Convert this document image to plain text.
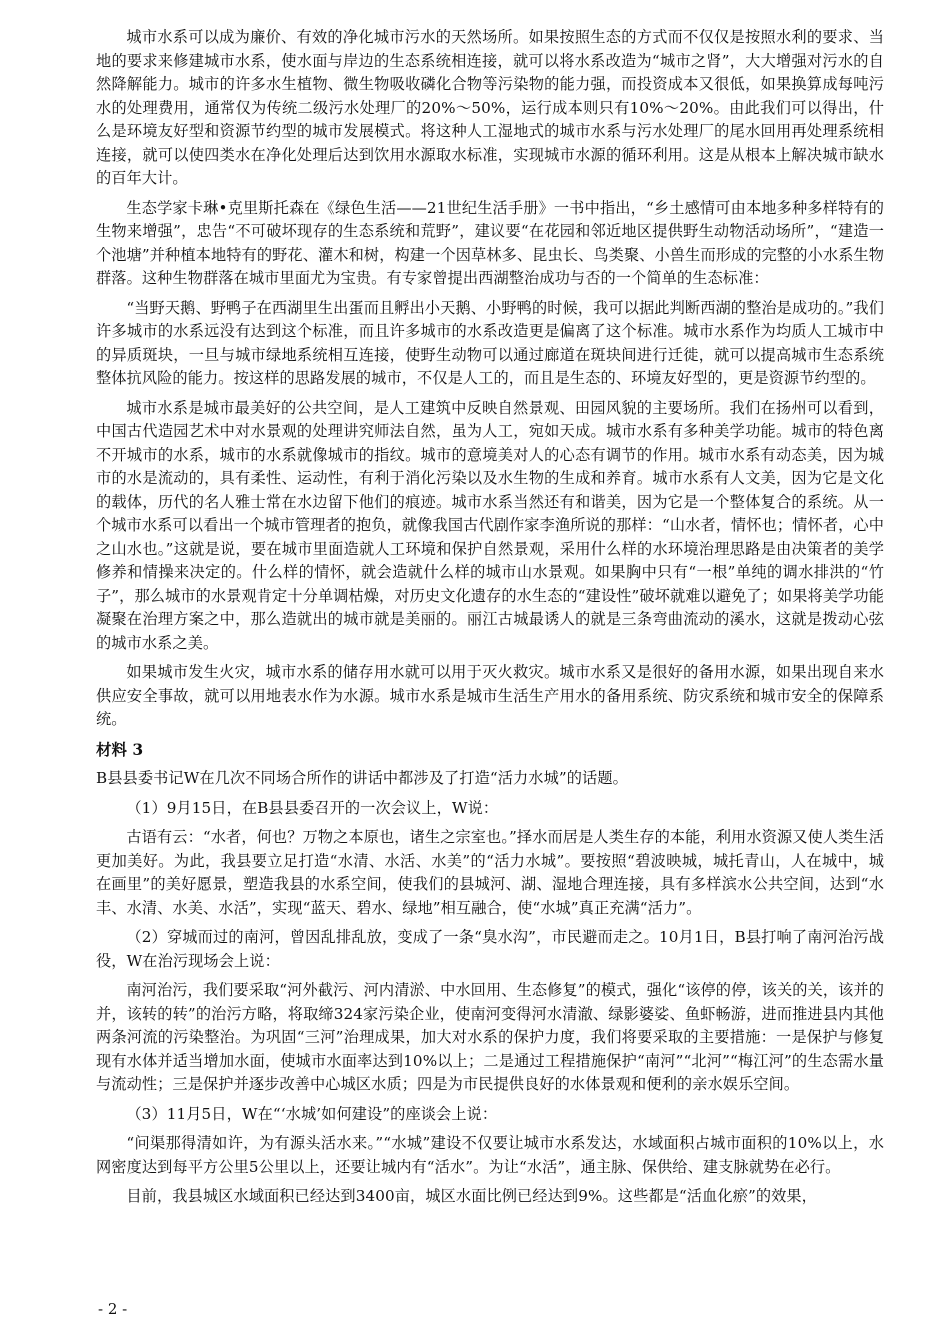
城市水系可以成为廉价、有效的净化城市污水的天然场所。如果按照生态的方式而不仅仅是按照水利的要求、当地的要求来修建城市水系，使水面与岸边的生态系统相连接，就可以将水系改造为“城市之肾”，大大增强对污水的自然降解能力。城市的许多水生植物、微生物吸收磷化合物等污染物的能力强，而投资成本又很低，如果换算成每吨污水的处理费用，通常仅为传统二级污水处理厂的20%～50%，运行成本则只有10%～20%。由此我们可以得出，什么是环境友好型和资源节约型的城市发展模式。将这种人工湿地式的城市水系与污水处理厂的尾水回用再处理系统相连接，就可以使四类水在净化处理后达到饮用水源取水标准，实现城市水源的循环利用。这是从根本上解决城市缺水的百年大计。

生态学家卡琳•克里斯托森在《绿色生活——21世纪生活手册》一书中指出，“乡土感情可由本地多种多样特有的生物来增强”，忠告“不可破坏现存的生态系统和荒野”，建议要“在花园和邻近地区提供野生动物活动场所”，“建造一个池塘”并种植本地特有的野花、灌木和树，构建一个因草林多、昆虫长、鸟类聚、小兽生而形成的完整的小水系生物群落。这种生物群落在城市里面尤为宝贵。有专家曾提出西湖整治成功与否的一个简单的生态标准：

“当野天鹅、野鸭子在西湖里生出蛋而且孵出小天鹅、小野鸭的时候，我可以据此判断西湖的整治是成功的。”我们许多城市的水系远没有达到这个标准，而且许多城市的水系改造更是偏离了这个标准。城市水系作为均质人工城市中的异质斑块，一旦与城市绿地系统相互连接，使野生动物可以通过廊道在斑块间进行迁徙，就可以提高城市生态系统整体抗风险的能力。按这样的思路发展的城市，不仅是人工的，而且是生态的、环境友好型的，更是资源节约型的。

城市水系是城市最美好的公共空间，是人工建筑中反映自然景观、田园风貌的主要场所。我们在扬州可以看到，中国古代造园艺术中对水景观的处理讲究师法自然，虽为人工，宛如天成。城市水系有多种美学功能。城市的特色离不开城市的水系，城市的水系就像城市的指纹。城市的意境美对人的心态有调节的作用。城市水系有动态美，因为城市的水是流动的，具有柔性、运动性，有利于消化污染以及水生物的生成和养育。城市水系有人文美，因为它是文化的载体，历代的名人雅士常在水边留下他们的痕迹。城市水系当然还有和谐美，因为它是一个整体复合的系统。从一个城市水系可以看出一个城市管理者的抱负，就像我国古代剧作家李渔所说的那样：“山水者，情怀也；情怀者，心中之山水也。”这就是说，要在城市里面造就人工环境和保护自然景观，采用什么样的水环境治理思路是由决策者的美学修养和情操来决定的。什么样的情怀，就会造就什么样的城市山水景观。如果胸中只有“一根”单纯的调水排洪的“竹子”，那么城市的水景观肯定十分单调枯燥，对历史文化遗存的水生态的“建设性”破坏就难以避免了；如果将美学功能凝聚在治理方案之中，那么造就出的城市就是美丽的。丽江古城最诱人的就是三条弯曲流动的溪水，这就是拨动心弦的城市水系之美。

如果城市发生火灾，城市水系的储存用水就可以用于灭火救灾。城市水系又是很好的备用水源，如果出现自来水供应安全事故，就可以用地表水作为水源。城市水系是城市生活生产用水的备用系统、防灾系统和城市安全的保障系统。

材料 3

B县县委书记W在几次不同场合所作的讲话中都涉及了打造“活力水城”的话题。

（1）9月15日，在B县县委召开的一次会议上，W说：

古语有云：“水者，何也？万物之本原也，诸生之宗室也。”择水而居是人类生存的本能，利用水资源又使人类生活更加美好。为此，我县要立足打造“水清、水活、水美”的“活力水城”。要按照“碧波映城，城托青山，人在城中，城在画里”的美好愿景，塑造我县的水系空间，使我们的县城河、湖、湿地合理连接，具有多样滨水公共空间，达到“水丰、水清、水美、水活”，实现“蓝天、碧水、绿地”相互融合，使“水城”真正充满“活力”。

（2）穿城而过的南河，曾因乱排乱放，变成了一条“臭水沟”，市民避而走之。10月1日，B县打响了南河治污战役，W在治污现场会上说：

南河治污，我们要采取“河外截污、河内清淤、中水回用、生态修复”的模式，强化“该停的停，该关的关，该并的并，该转的转”的治污方略，将取缔324家污染企业，使南河变得河水清澈、绿影婆娑、鱼虾畅游，进而推进县内其他两条河流的污染整治。为巩固“三河”治理成果，加大对水系的保护力度，我们将要采取的主要措施：一是保护与修复现有水体并适当增加水面，使城市水面率达到10%以上；二是通过工程措施保护“南河”“北河”“梅江河”的生态需水量与流动性；三是保护并逐步改善中心城区水质；四是为市民提供良好的水体景观和便利的亲水娱乐空间。

（3）11月5日，W在“‘水城’如何建设”的座谈会上说：

“问渠那得清如许，为有源头活水来。”“水城”建设不仅要让城市水系发达，水域面积占城市面积的10%以上，水网密度达到每平方公里5公里以上，还要让城内有“活水”。为让“水活”，通主脉、保供给、建支脉就势在必行。

目前，我县城区水域面积已经达到3400亩，城区水面比例已经达到9%。这些都是“活血化瘀”的效果，

- 2 -
